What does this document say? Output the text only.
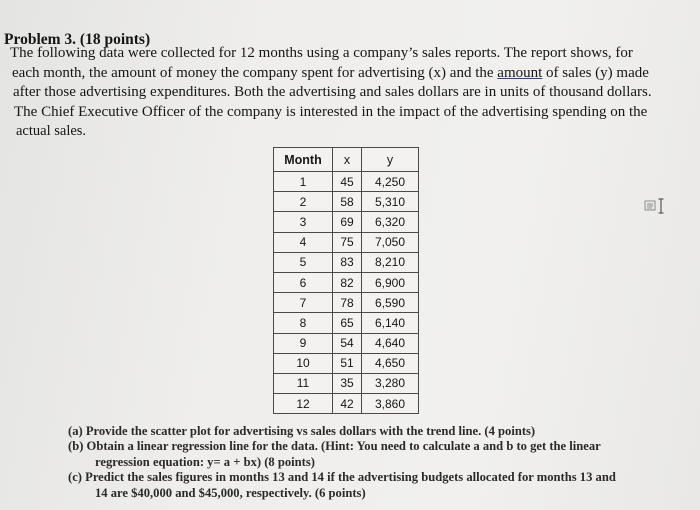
Problem 3. (18 points)
The following data were collected for 12 months using a company’s sales reports. The report shows, for
each month, the amount of money the company spent for advertising (x) and the amount of sales (y) made
after those advertising expenditures. Both the advertising and sales dollars are in units of thousand dollars.
The Chief Executive Officer of the company is interested in the impact of the advertising spending on the
actual sales.
Month	x	y
1	45	4,250
2	58	5,310
3	69	6,320
4	75	7,050
5	83	8,210
6	82	6,900
7	78	6,590
8	65	6,140
9	54	4,640
10	51	4,650
11	35	3,280
12	42	3,860
(a) Provide the scatter plot for advertising vs sales dollars with the trend line. (4 points)
(b) Obtain a linear regression line for the data. (Hint: You need to calculate a and b to get the linear
regression equation: y= a + bx) (8 points)
(c) Predict the sales figures in months 13 and 14 if the advertising budgets allocated for months 13 and
14 are $40,000 and $45,000, respectively. (6 points)
